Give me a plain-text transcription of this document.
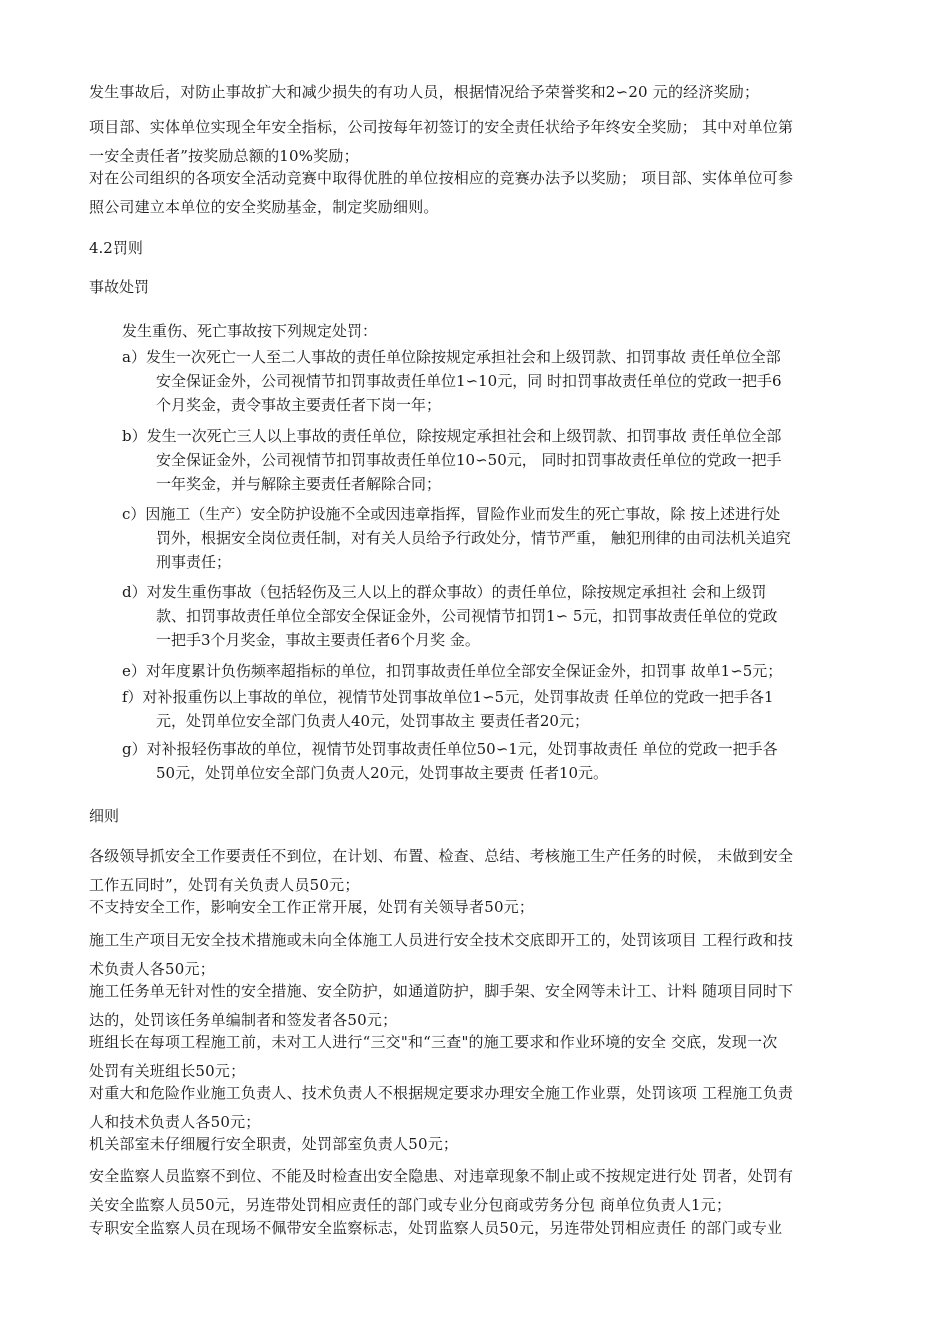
发生事故后，对防止事故扩大和减少损失的有功人员，根据情况给予荣誉奖和2∽20 元的经济奖励；
项目部、实体单位实现全年安全指标，公司按每年初签订的安全责任状给予年终安全奖励； 其中对单位第
一安全责任者”按奖励总额的10%奖励；
对在公司组织的各项安全活动竞赛中取得优胜的单位按相应的竞赛办法予以奖励； 项目部、实体单位可参
照公司建立本单位的安全奖励基金，制定奖励细则。
4.2罚则
事故处罚
发生重伤、死亡事故按下列规定处罚：
a）发生一次死亡一人至二人事故的责任单位除按规定承担社会和上级罚款、扣罚事故 责任单位全部
安全保证金外，公司视情节扣罚事故责任单位1∽10元，同 时扣罚事故责任单位的党政一把手6
个月奖金，责令事故主要责任者下岗一年；
b）发生一次死亡三人以上事故的责任单位，除按规定承担社会和上级罚款、扣罚事故 责任单位全部
安全保证金外，公司视情节扣罚事故责任单位10∽50元， 同时扣罚事故责任单位的党政一把手
一年奖金，并与解除主要责任者解除合同；
c）因施工（生产）安全防护设施不全或因违章指挥，冒险作业而发生的死亡事故，除 按上述进行处
罚外，根据安全岗位责任制，对有关人员给予行政处分，情节严重， 触犯刑律的由司法机关追究
刑事责任；
d）对发生重伤事故（包括轻伤及三人以上的群众事故）的责任单位，除按规定承担社 会和上级罚
款、扣罚事故责任单位全部安全保证金外，公司视情节扣罚1∽ 5元，扣罚事故责任单位的党政
一把手3个月奖金，事故主要责任者6个月奖 金。
e）对年度累计负伤频率超指标的单位，扣罚事故责任单位全部安全保证金外，扣罚事 故单1∽5元；
f）对补报重伤以上事故的单位，视情节处罚事故单位1∽5元，处罚事故责 任单位的党政一把手各1
元，处罚单位安全部门负责人40元，处罚事故主 要责任者20元；
g）对补报轻伤事故的单位，视情节处罚事故责任单位50∽1元，处罚事故责任 单位的党政一把手各
50元，处罚单位安全部门负责人20元，处罚事故主要责 任者10元。
细则
各级领导抓安全工作要责任不到位，在计划、布置、检查、总结、考核施工生产任务的时候， 未做到安全
工作五同时”，处罚有关负责人员50元；
不支持安全工作，影响安全工作正常开展，处罚有关领导者50元；
施工生产项目无安全技术措施或未向全体施工人员进行安全技术交底即开工的，处罚该项目 工程行政和技
术负责人各50元；
施工任务单无针对性的安全措施、安全防护，如通道防护，脚手架、安全网等未计工、计料 随项目同时下
达的，处罚该任务单编制者和签发者各50元；
班组长在每项工程施工前，未对工人进行“三交"和“三查"的施工要求和作业环境的安全 交底，发现一次
处罚有关班组长50元；
对重大和危险作业施工负责人、技术负责人不根据规定要求办理安全施工作业票，处罚该项 工程施工负责
人和技术负责人各50元；
机关部室未仔细履行安全职责，处罚部室负责人50元；
安全监察人员监察不到位、不能及时检查出安全隐患、对违章现象不制止或不按规定进行处 罚者，处罚有
关安全监察人员50元，另连带处罚相应责任的部门或专业分包商或劳务分包 商单位负责人1元；
专职安全监察人员在现场不佩带安全监察标志，处罚监察人员50元，另连带处罚相应责任 的部门或专业
